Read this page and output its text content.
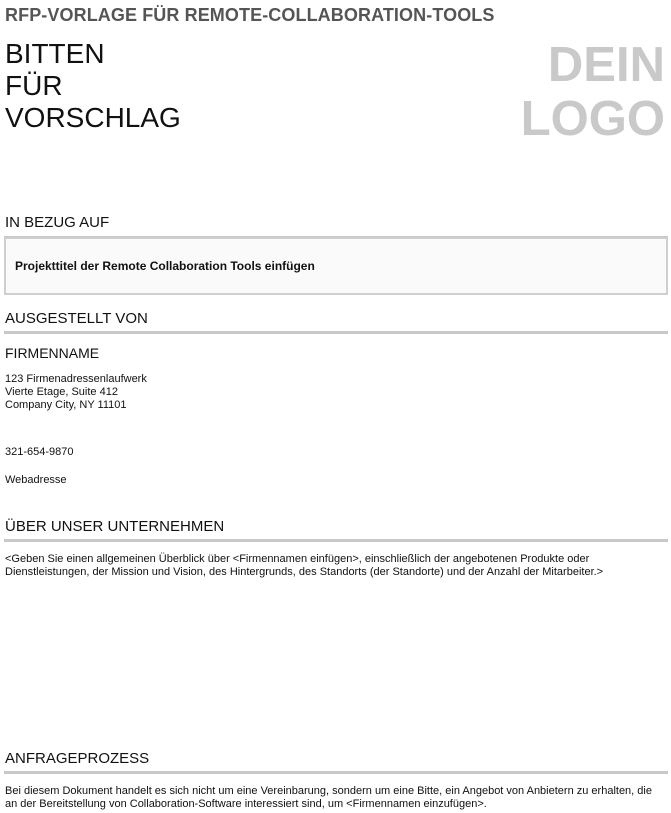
RFP-VORLAGE FÜR REMOTE-COLLABORATION-TOOLS
BITTEN
FÜR
VORSCHLAG
DEIN
LOGO
IN BEZUG AUF
Projekttitel der Remote Collaboration Tools einfügen
AUSGESTELLT VON
FIRMENNAME
123 Firmenadressenlaufwerk
Vierte Etage, Suite 412
Company City, NY 11101
321-654-9870
Webadresse
ÜBER UNSER UNTERNEHMEN
<Geben Sie einen allgemeinen Überblick über <Firmennamen einfügen>, einschließlich der angebotenen Produkte oder Dienstleistungen, der Mission und Vision, des Hintergrunds, des Standorts (der Standorte) und der Anzahl der Mitarbeiter.>
ANFRAGEPROZESS
Bei diesem Dokument handelt es sich nicht um eine Vereinbarung, sondern um eine Bitte, ein Angebot von Anbietern zu erhalten, die an der Bereitstellung von Collaboration-Software interessiert sind, um <Firmennamen einzufügen>.
